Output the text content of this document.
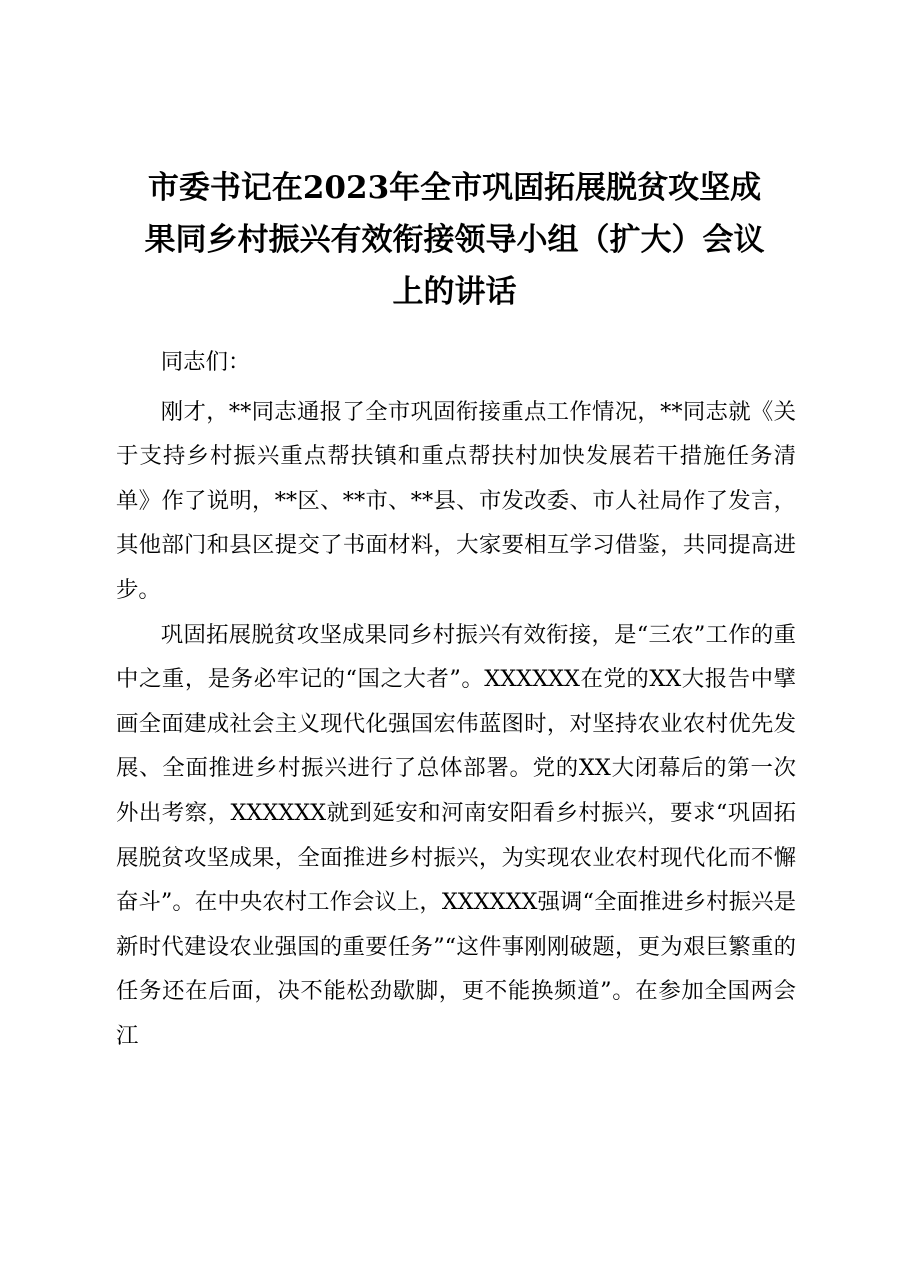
市委书记在2023年全市巩固拓展脱贫攻坚成
果同乡村振兴有效衔接领导小组（扩大）会议
上的讲话

同志们：

刚才，**同志通报了全市巩固衔接重点工作情况，**同志就《关于支持乡村振兴重点帮扶镇和重点帮扶村加快发展若干措施任务清单》作了说明，**区、**市、**县、市发改委、市人社局作了发言，其他部门和县区提交了书面材料，大家要相互学习借鉴，共同提高进步。

巩固拓展脱贫攻坚成果同乡村振兴有效衔接，是“三农”工作的重中之重，是务必牢记的“国之大者”。XXXXXX在党的XX大报告中擘画全面建成社会主义现代化强国宏伟蓝图时，对坚持农业农村优先发展、全面推进乡村振兴进行了总体部署。党的XX大闭幕后的第一次外出考察，XXXXXX就到延安和河南安阳看乡村振兴，要求“巩固拓展脱贫攻坚成果，全面推进乡村振兴，为实现农业农村现代化而不懈奋斗”。在中央农村工作会议上，XXXXXX强调“全面推进乡村振兴是新时代建设农业强国的重要任务”“这件事刚刚破题，更为艰巨繁重的任务还在后面，决不能松劲歇脚，更不能换频道”。在参加全国两会江
